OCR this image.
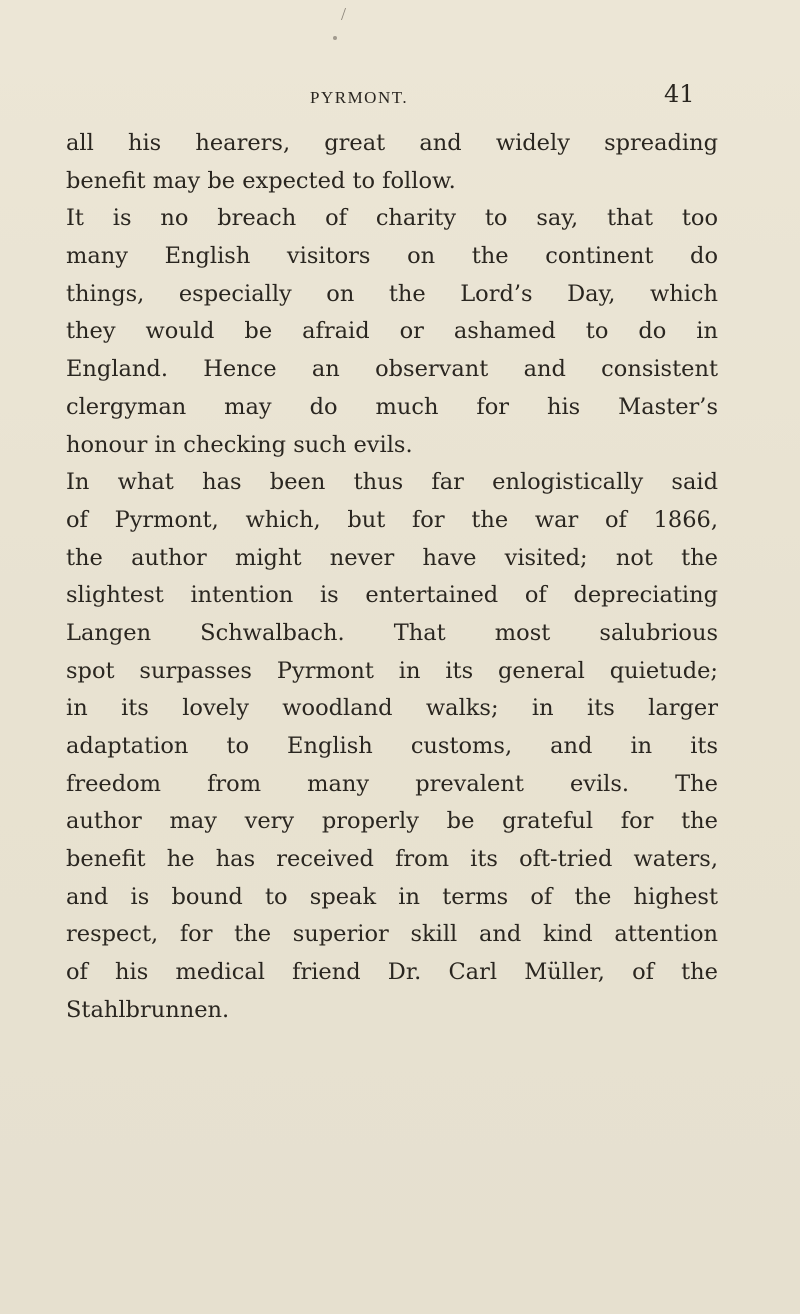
/
PYRMONT.	41
all his hearers, great and widely spreading
benefit may be expected to follow.
It is no breach of charity to say, that too
many English visitors on the continent do
things, especially on the Lord’s Day, which
they would be afraid or ashamed to do in
England. Hence an observant and consistent
clergyman may do much for his Master’s
honour in checking such evils.
In what has been thus far enlogistically said
of Pyrmont, which, but for the war of 1866,
the author might never have visited; not the
slightest intention is entertained of depreciating
Langen Schwalbach. That most salubrious
spot surpasses Pyrmont in its general quietude;
in its lovely woodland walks; in its larger
adaptation to English customs, and in its
freedom from many prevalent evils. The
author may very properly be grateful for the
benefit he has received from its oft-tried waters,
and is bound to speak in terms of the highest
respect, for the superior skill and kind attention
of his medical friend Dr. Carl Müller, of the
Stahlbrunnen.
